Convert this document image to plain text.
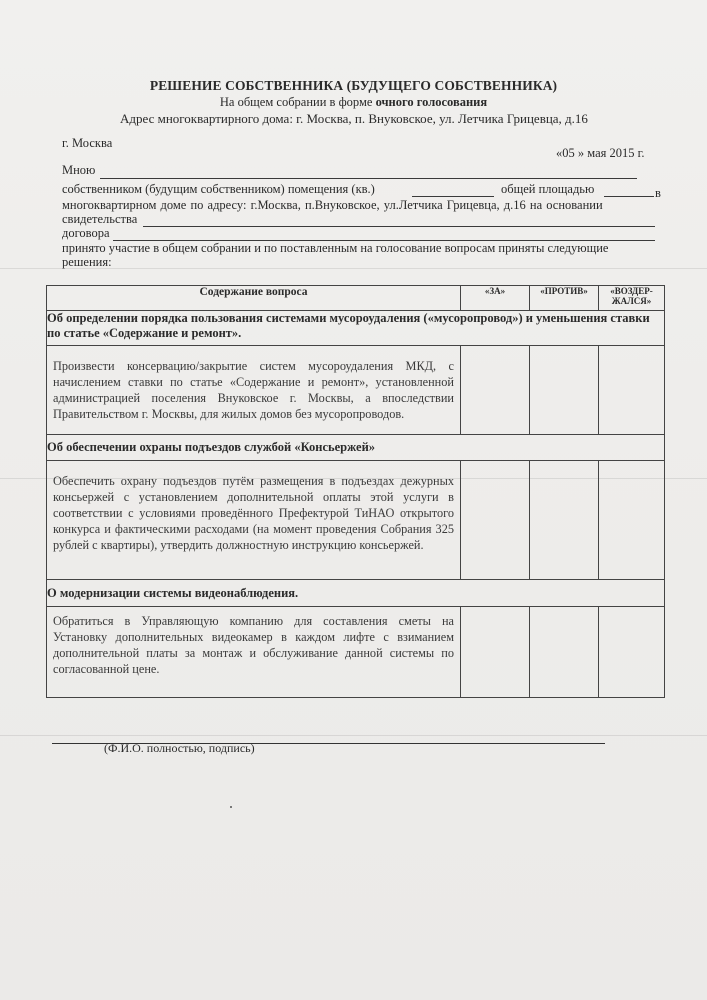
РЕШЕНИЕ СОБСТВЕННИКА (БУДУЩЕГО СОБСТВЕННИКА)
На общем собрании в форме очного голосования
Адрес многоквартирного дома: г. Москва, п. Внуковское, ул. Летчика Грицевца, д.16
г. Москва
«05 » мая 2015 г.
Мною
собственником (будущим собственником) помещения (кв.)	общей площадью	в
многоквартирном доме по адресу: г.Москва, п.Внуковское, ул.Летчика Грицевца, д.16 на основании
свидетельства
договора
принято участие в общем собрании и по поставленным на голосование вопросам приняты следующие
решения:
Содержание вопроса	«ЗА»	«ПРОТИВ»	«ВОЗДЕР-
ЖАЛСЯ»
Об определении порядка пользования системами мусороудаления («мусоропровод») и уменьшения ставки по статье «Содержание и ремонт».			
Произвести консервацию/закрытие систем мусороудаления МКД, с начислением ставки по статье «Содержание и ремонт», установленной администрацией поселения Внуковское г. Москвы, а впоследствии Правительством г. Москвы, для жилых домов без мусоропроводов.			
Об обеспечении охраны подъездов службой «Консьержей»			
Обеспечить охрану подъездов путём размещения в подъездах дежурных консьержей с установлением дополнительной оплаты этой услуги в соответствии с условиями проведённого Префектурой ТиНАО открытого конкурса и фактическими расходами (на момент проведения Собрания 325 рублей с квартиры), утвердить должностную инструкцию консьержей.			
О модернизации системы видеонаблюдения.			
Обратиться в Управляющую компанию для составления сметы на Установку дополнительных видеокамер в каждом лифте с взиманием дополнительной платы за монтаж и обслуживание данной системы по согласованной цене.			
(Ф.И.О. полностью, подпись)
